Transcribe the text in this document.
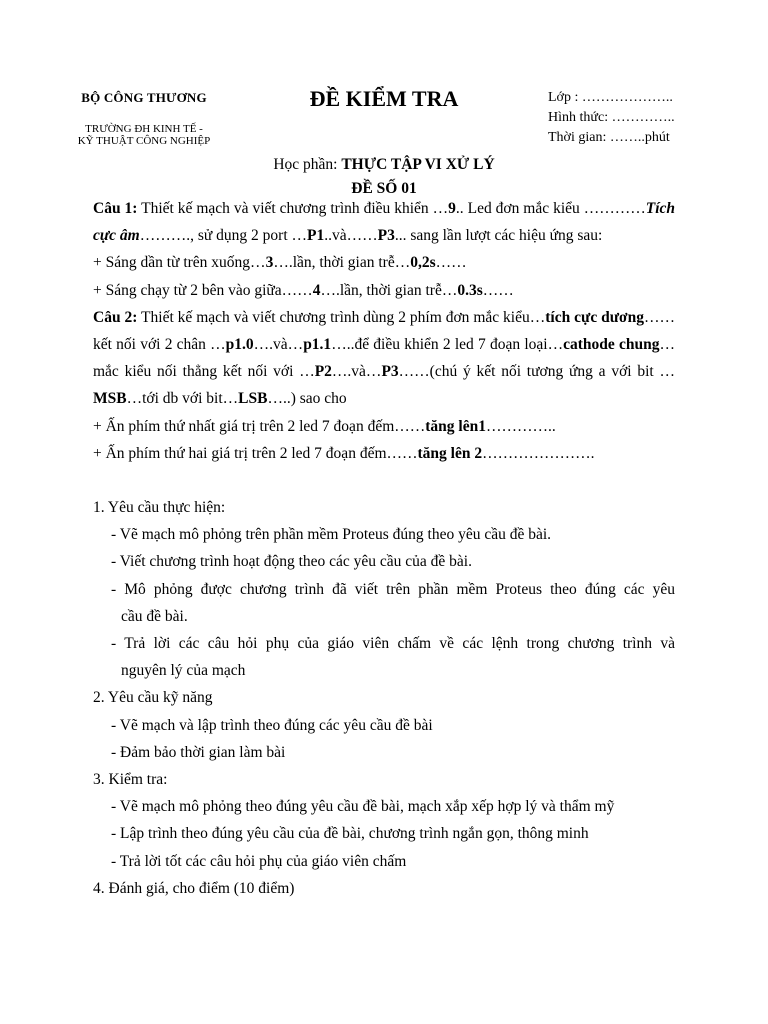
BỘ CÔNG THƯƠNG
TRƯỜNG ĐH KINH TẾ -
KỸ THUẬT CÔNG NGHIỆP
ĐỀ KIỂM TRA	Lớp : ………………..
Hình thức: …………..
Thời gian: ……..phút
Học phần: THỰC TẬP VI XỬ LÝ
ĐỀ SỐ 01
Câu 1: Thiết kế mạch và viết chương trình điều khiển …9.. Led đơn mắc kiểu …………Tích cực âm………., sử dụng 2 port …P1..và……P3... sang lần lượt các hiệu ứng sau:
+ Sáng dần từ trên xuống…3….lần, thời gian trễ…0,2s……
+ Sáng chạy từ 2 bên vào giữa……4….lần, thời gian trễ…0.3s……
Câu 2: Thiết kế mạch và viết chương trình dùng 2 phím đơn mắc kiểu…tích cực dương…… kết nối với 2 chân …p1.0….và…p1.1…..để điều khiển 2 led 7 đoạn loại…cathode chung… mắc kiểu nối thẳng kết nối với …P2….và…P3……(chú ý kết nối tương ứng a với bit …MSB…tới db với bit…LSB…..) sao cho
+ Ấn phím thứ nhất giá trị trên 2 led 7 đoạn đếm……tăng lên1…………..
+ Ấn phím thứ hai giá trị trên 2 led 7 đoạn đếm……tăng lên 2………………….
1. Yêu cầu thực hiện:
- Vẽ mạch mô phỏng trên phần mềm Proteus đúng theo yêu cầu đề bài.
- Viết chương trình hoạt động theo các yêu cầu của đề bài.
- Mô phỏng được chương trình đã viết trên phần mềm Proteus theo đúng các yêu
cầu đề bài.
- Trả lời các câu hỏi phụ của giáo viên chấm về các lệnh trong chương trình và
nguyên lý của mạch
2. Yêu cầu kỹ năng
- Vẽ mạch và lập trình theo đúng các yêu cầu đề bài
- Đảm bảo thời gian làm bài
3. Kiểm tra:
- Vẽ mạch mô phỏng theo đúng yêu cầu đề bài, mạch xắp xếp hợp lý và thẩm mỹ
- Lập trình theo đúng yêu cầu của đề bài, chương trình ngắn gọn, thông minh
- Trả lời tốt các câu hỏi phụ của giáo viên chấm
4. Đánh giá, cho điểm (10 điểm)
